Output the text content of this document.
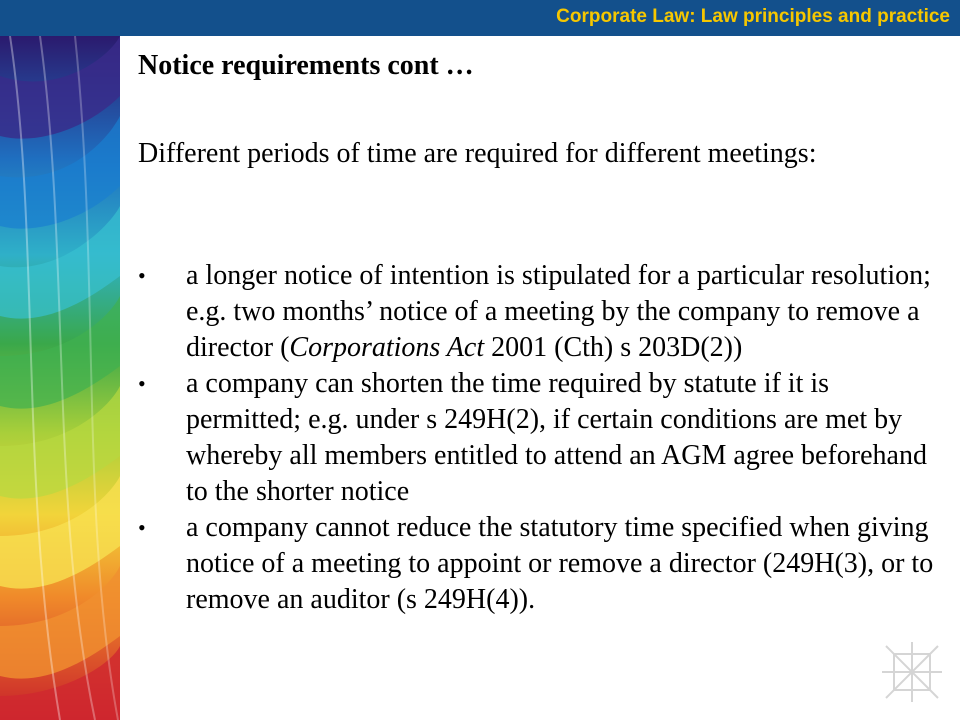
Corporate Law: Law principles and practice
Notice requirements cont …
Different periods of time are required for different meetings:
•	a longer notice of intention is stipulated for a particular resolution; e.g. two months’ notice of a meeting by the company to remove a director (Corporations Act 2001 (Cth) s 203D(2))
•	a company can shorten the time required by statute if it is permitted; e.g. under s 249H(2), if certain conditions are met by whereby all members entitled to attend an AGM agree beforehand to the shorter notice
•	a company cannot reduce the statutory time specified when giving notice of a meeting to appoint or remove a director (249H(3), or to remove an auditor (s 249H(4)).
